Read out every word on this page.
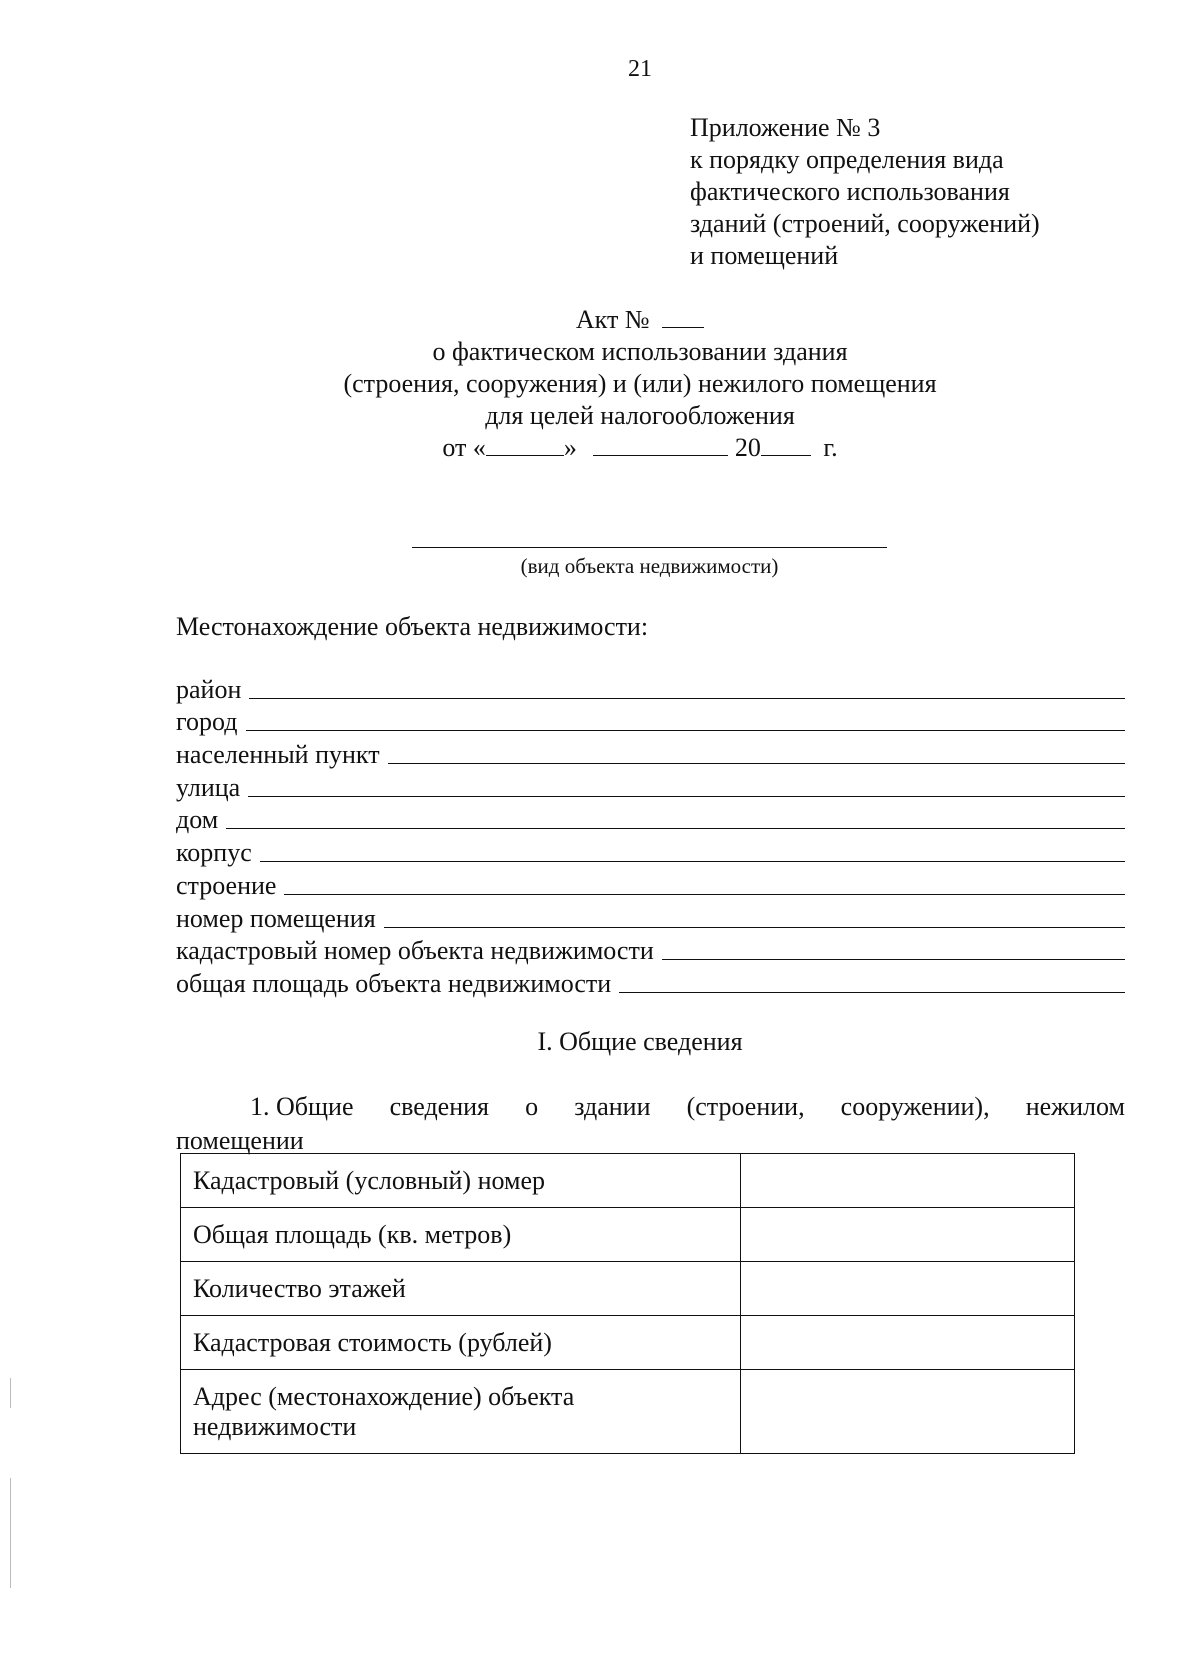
21
Приложение № 3
к порядку определения вида
фактического использования
зданий (строений, сооружений)
и помещений
Акт №
о фактическом использовании здания
(строения, сооружения) и (или) нежилого помещения
для целей налогообложения
от «	»	20 г.
(вид объекта недвижимости)
Местонахождение объекта недвижимости:
район
город
населенный пункт
улица
дом
корпус
строение
номер помещения
кадастровый номер объекта недвижимости
общая площадь объекта недвижимости
I. Общие сведения
1. Общие сведения о здании (строении, сооружении), нежилом
помещении
Кадастровый (условный) номер	
Общая площадь (кв. метров)	
Количество этажей	
Кадастровая стоимость (рублей)	
Адрес (местонахождение) объекта недвижимости	
